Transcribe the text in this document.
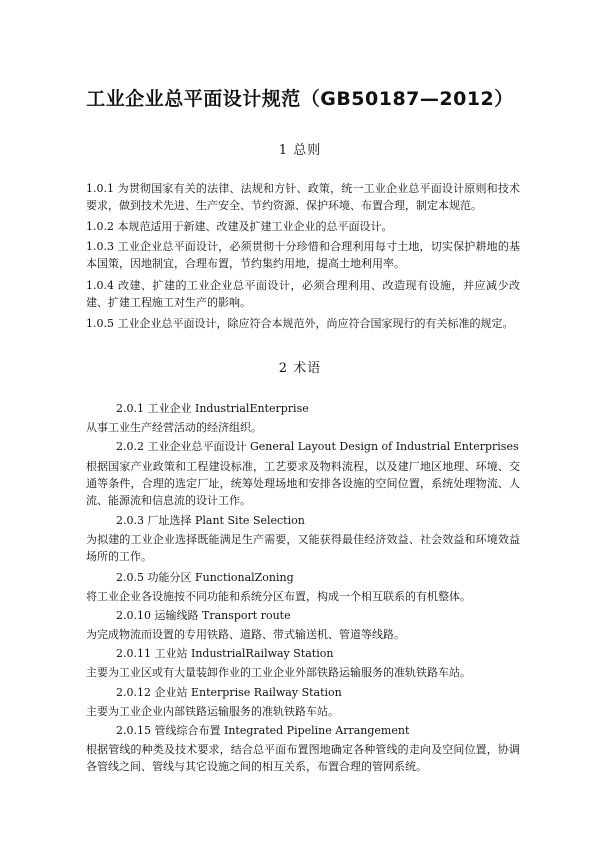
工业企业总平面设计规范（GB50187—2012）
1 总则

1.0.1 为贯彻国家有关的法律、法规和方针、政策，统一工业企业总平面设计原则和技术要求，做到技术先进、生产安全、节约资源、保护环境、布置合理，制定本规范。

1.0.2 本规范适用于新建、改建及扩建工业企业的总平面设计。

1.0.3 工业企业总平面设计，必须贯彻十分珍惜和合理利用每寸土地，切实保护耕地的基本国策，因地制宜，合理布置，节约集约用地，提高土地利用率。

1.0.4 改建、扩建的工业企业总平面设计，必须合理利用、改造现有设施，并应减少改建、扩建工程施工对生产的影响。

1.0.5 工业企业总平面设计，除应符合本规范外，尚应符合国家现行的有关标准的规定。

2 术语
2.0.1 工业企业 IndustrialEnterprise
从事工业生产经营活动的经济组织。
2.0.2 工业企业总平面设计 General Layout Design of Industrial Enterprises
根据国家产业政策和工程建设标准，工艺要求及物料流程，以及建厂地区地理、环境、交通等条件，合理的选定厂址，统筹处理场地和安排各设施的空间位置，系统处理物流、人流、能源流和信息流的设计工作。
2.0.3 厂址选择 Plant Site Selection
为拟建的工业企业选择既能满足生产需要，又能获得最佳经济效益、社会效益和环境效益场所的工作。
2.0.5 功能分区 FunctionalZoning
将工业企业各设施按不同功能和系统分区布置，构成一个相互联系的有机整体。
2.0.10 运输线路 Transport route
为完成物流而设置的专用铁路、道路、带式输送机、管道等线路。
2.0.11 工业站 IndustrialRailway Station
主要为工业区或有大量装卸作业的工业企业外部铁路运输服务的准轨铁路车站。
2.0.12 企业站 Enterprise Railway Station
主要为工业企业内部铁路运输服务的准轨铁路车站。
2.0.15 管线综合布置 Integrated Pipeline Arrangement
根据管线的种类及技术要求，结合总平面布置图地确定各种管线的走向及空间位置，协调各管线之间、管线与其它设施之间的相互关系，布置合理的管网系统。
